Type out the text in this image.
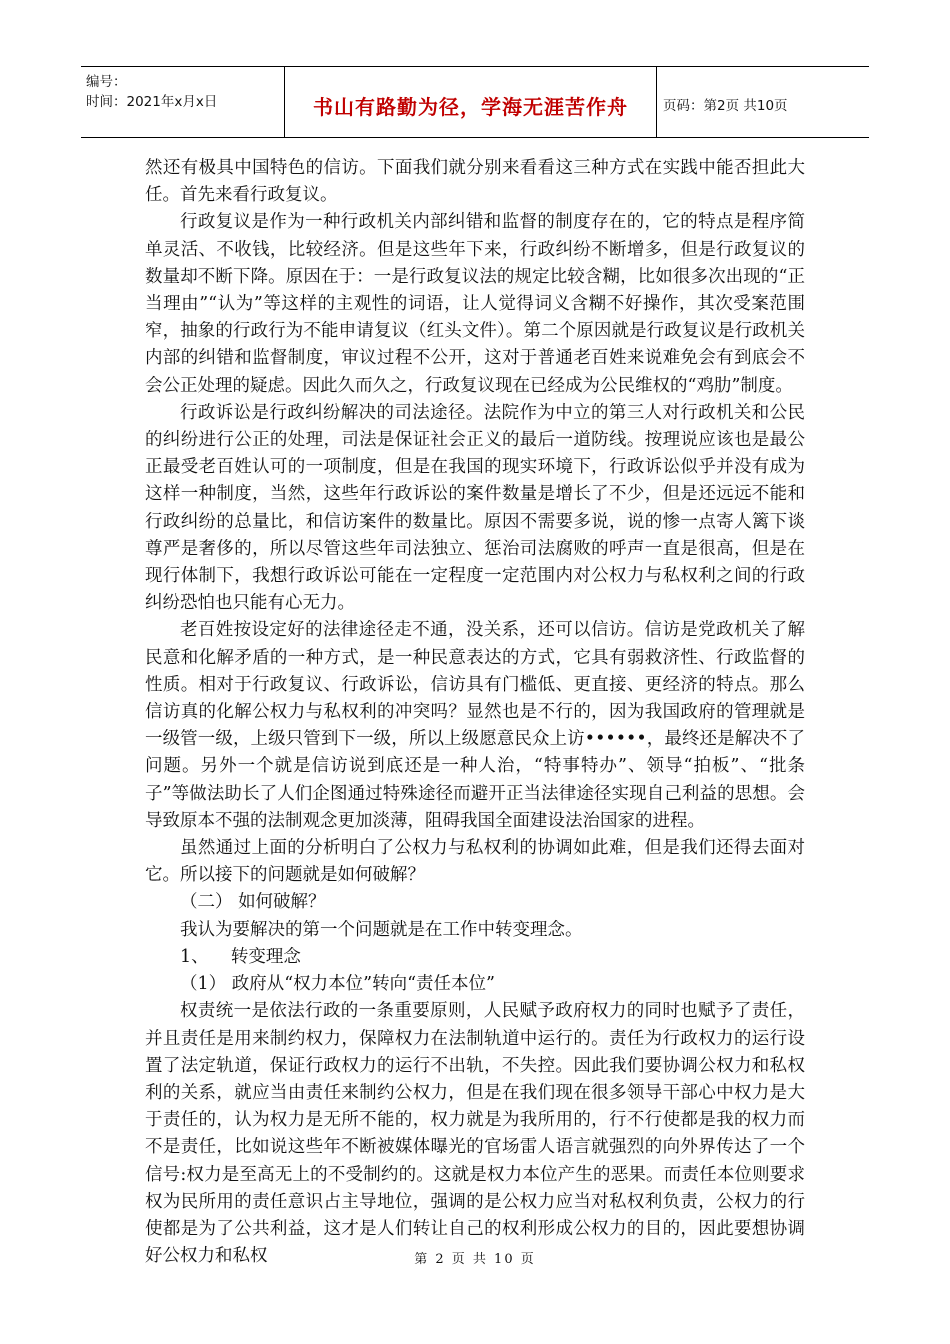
编号：
时间：2021年x月x日	书山有路勤为径，学海无涯苦作舟	页码：第2页 共10页

然还有极具中国特色的信访。下面我们就分别来看看这三种方式在实践中能否担此大任。首先来看行政复议。

行政复议是作为一种行政机关内部纠错和监督的制度存在的，它的特点是程序简单灵活、不收钱，比较经济。但是这些年下来，行政纠纷不断增多，但是行政复议的数量却不断下降。原因在于：一是行政复议法的规定比较含糊，比如很多次出现的“正当理由”“认为”等这样的主观性的词语，让人觉得词义含糊不好操作，其次受案范围窄，抽象的行政行为不能申请复议（红头文件）。第二个原因就是行政复议是行政机关内部的纠错和监督制度，审议过程不公开，这对于普通老百姓来说难免会有到底会不会公正处理的疑虑。因此久而久之，行政复议现在已经成为公民维权的“鸡肋”制度。

行政诉讼是行政纠纷解决的司法途径。法院作为中立的第三人对行政机关和公民的纠纷进行公正的处理，司法是保证社会正义的最后一道防线。按理说应该也是最公正最受老百姓认可的一项制度，但是在我国的现实环境下，行政诉讼似乎并没有成为这样一种制度，当然，这些年行政诉讼的案件数量是增长了不少，但是还远远不能和行政纠纷的总量比，和信访案件的数量比。原因不需要多说，说的惨一点寄人篱下谈尊严是奢侈的，所以尽管这些年司法独立、惩治司法腐败的呼声一直是很高，但是在现行体制下，我想行政诉讼可能在一定程度一定范围内对公权力与私权利之间的行政纠纷恐怕也只能有心无力。

老百姓按设定好的法律途径走不通，没关系，还可以信访。信访是党政机关了解民意和化解矛盾的一种方式，是一种民意表达的方式，它具有弱救济性、行政监督的性质。相对于行政复议、行政诉讼，信访具有门槛低、更直接、更经济的特点。那么信访真的化解公权力与私权利的冲突吗？显然也是不行的，因为我国政府的管理就是一级管一级，上级只管到下一级，所以上级愿意民众上访••••••，最终还是解决不了问题。另外一个就是信访说到底还是一种人治，“特事特办”、领导“拍板”、“批条子”等做法助长了人们企图通过特殊途径而避开正当法律途径实现自己利益的思想。会导致原本不强的法制观念更加淡薄，阻碍我国全面建设法治国家的进程。

虽然通过上面的分析明白了公权力与私权利的协调如此难，但是我们还得去面对它。所以接下的问题就是如何破解？

（二） 如何破解？

我认为要解决的第一个问题就是在工作中转变理念。

1、    转变理念

（1） 政府从“权力本位”转向“责任本位”

权责统一是依法行政的一条重要原则，人民赋予政府权力的同时也赋予了责任，并且责任是用来制约权力，保障权力在法制轨道中运行的。责任为行政权力的运行设置了法定轨道，保证行政权力的运行不出轨，不失控。因此我们要协调公权力和私权利的关系，就应当由责任来制约公权力，但是在我们现在很多领导干部心中权力是大于责任的，认为权力是无所不能的，权力就是为我所用的，行不行使都是我的权力而不是责任，比如说这些年不断被媒体曝光的官场雷人语言就强烈的向外界传达了一个信号:权力是至高无上的不受制约的。这就是权力本位产生的恶果。而责任本位则要求权为民所用的责任意识占主导地位，强调的是公权力应当对私权利负责，公权力的行使都是为了公共利益，这才是人们转让自己的权利形成公权力的目的，因此要想协调好公权力和私权	第 2 页 共 10 页
